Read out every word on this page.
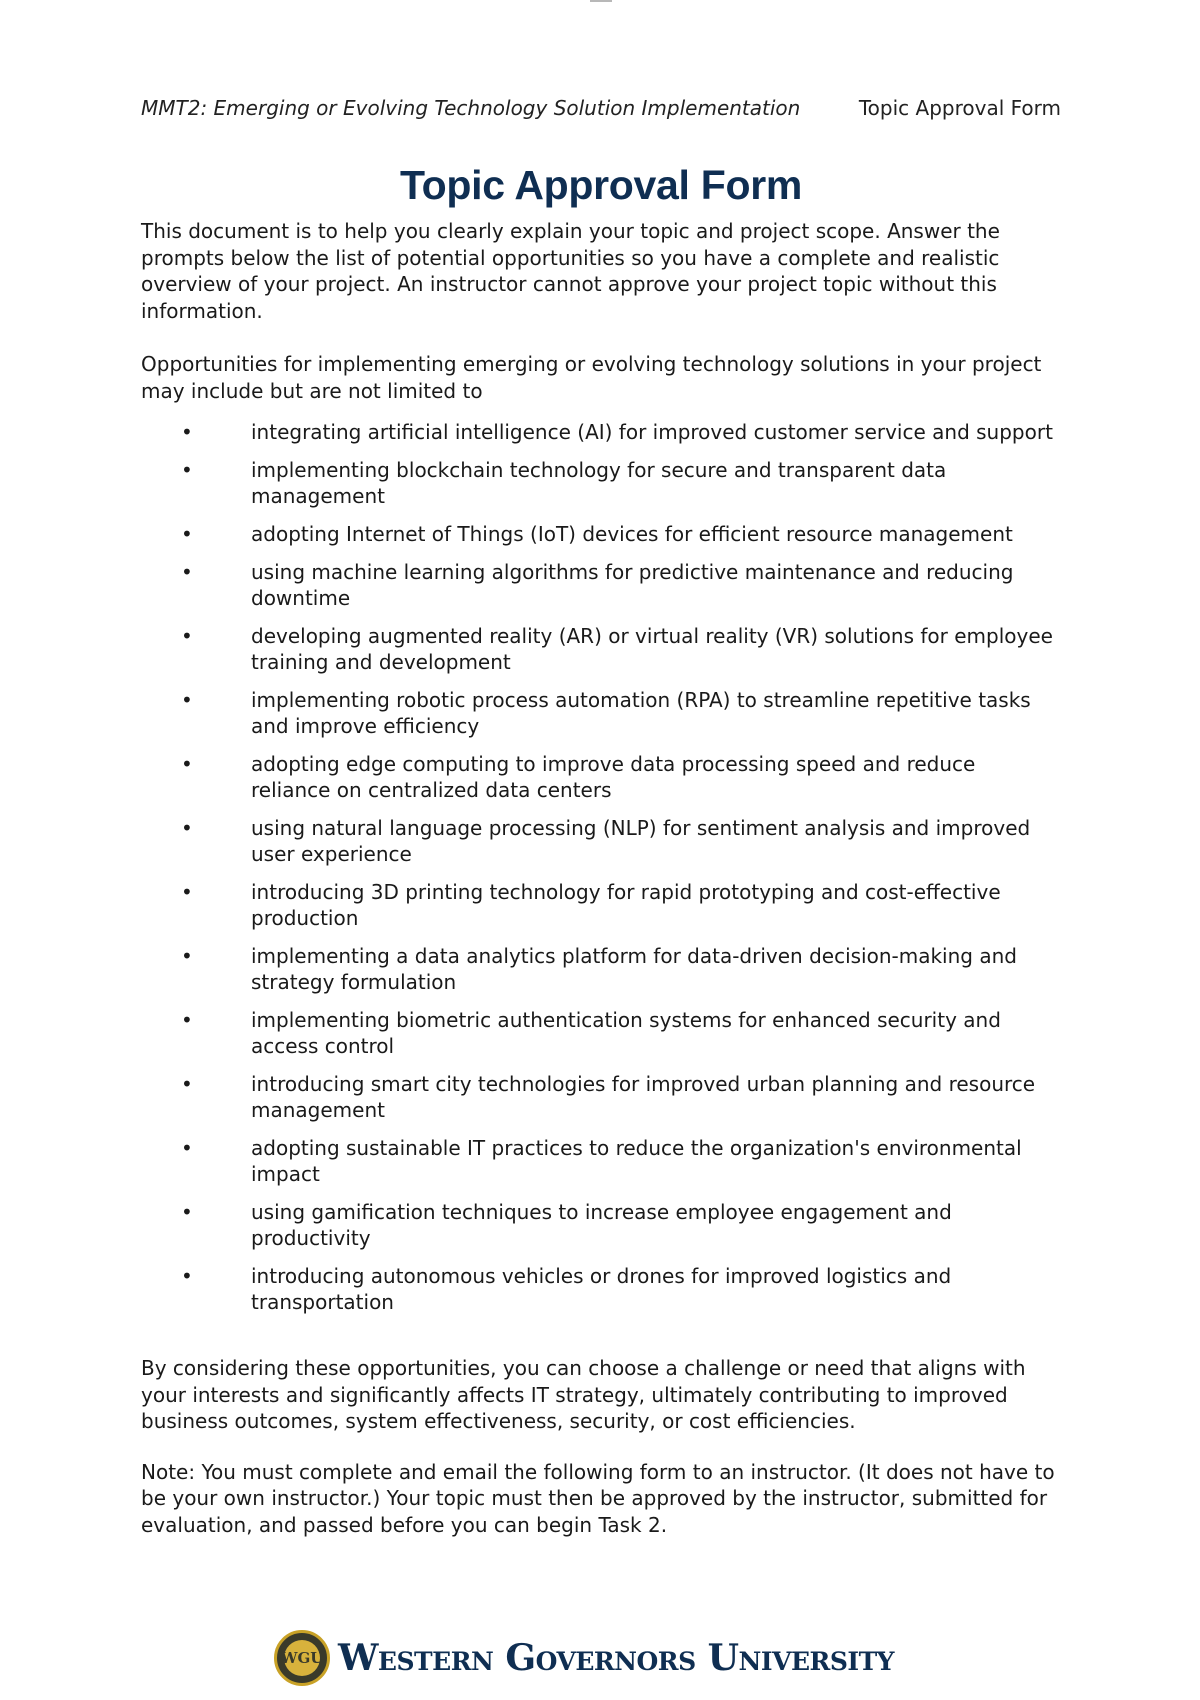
MMT2: Emerging or Evolving Technology Solution Implementation	Topic Approval Form
Topic Approval Form

This document is to help you clearly explain your topic and project scope. Answer the prompts below the list of potential opportunities so you have a complete and realistic overview of your project. An instructor cannot approve your project topic without this information.

Opportunities for implementing emerging or evolving technology solutions in your project may include but are not limited to

•	integrating artificial intelligence (AI) for improved customer service and support
•	implementing blockchain technology for secure and transparent data management
•	adopting Internet of Things (IoT) devices for efficient resource management
•	using machine learning algorithms for predictive maintenance and reducing downtime
•	developing augmented reality (AR) or virtual reality (VR) solutions for employee training and development
•	implementing robotic process automation (RPA) to streamline repetitive tasks and improve efficiency
•	adopting edge computing to improve data processing speed and reduce reliance on centralized data centers
•	using natural language processing (NLP) for sentiment analysis and improved user experience
•	introducing 3D printing technology for rapid prototyping and cost-effective production
•	implementing a data analytics platform for data-driven decision-making and strategy formulation
•	implementing biometric authentication systems for enhanced security and access control
•	introducing smart city technologies for improved urban planning and resource management
•	adopting sustainable IT practices to reduce the organization's environmental impact
•	using gamification techniques to increase employee engagement and productivity
•	introducing autonomous vehicles or drones for improved logistics and transportation

By considering these opportunities, you can choose a challenge or need that aligns with your interests and significantly affects IT strategy, ultimately contributing to improved business outcomes, system effectiveness, security, or cost efficiencies.

Note: You must complete and email the following form to an instructor. (It does not have to be your own instructor.) Your topic must then be approved by the instructor, submitted for evaluation, and passed before you can begin Task 2.

WGU Western Governors University
